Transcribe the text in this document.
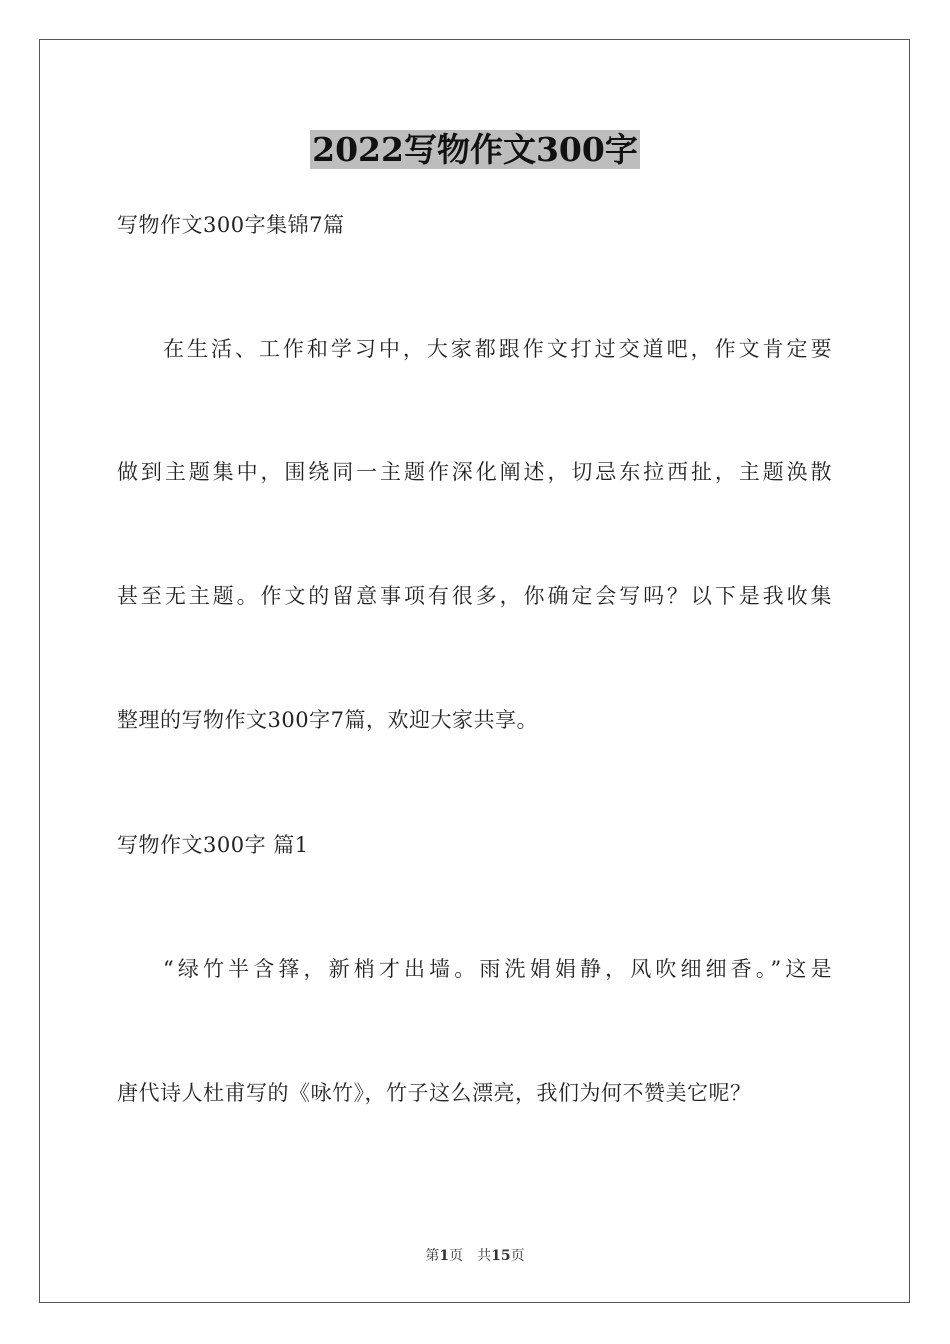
2022写物作文300字
写物作文300字集锦7篇
在生活、工作和学习中，大家都跟作文打过交道吧，作文肯定要
做到主题集中，围绕同一主题作深化阐述，切忌东拉西扯，主题涣散
甚至无主题。作文的留意事项有很多，你确定会写吗？以下是我收集
整理的写物作文300字7篇，欢迎大家共享。
写物作文300字 篇1
“绿竹半含箨，新梢才出墙。雨洗娟娟静，风吹细细香。”这是
唐代诗人杜甫写的《咏竹》，竹子这么漂亮，我们为何不赞美它呢？
第1页　共15页
